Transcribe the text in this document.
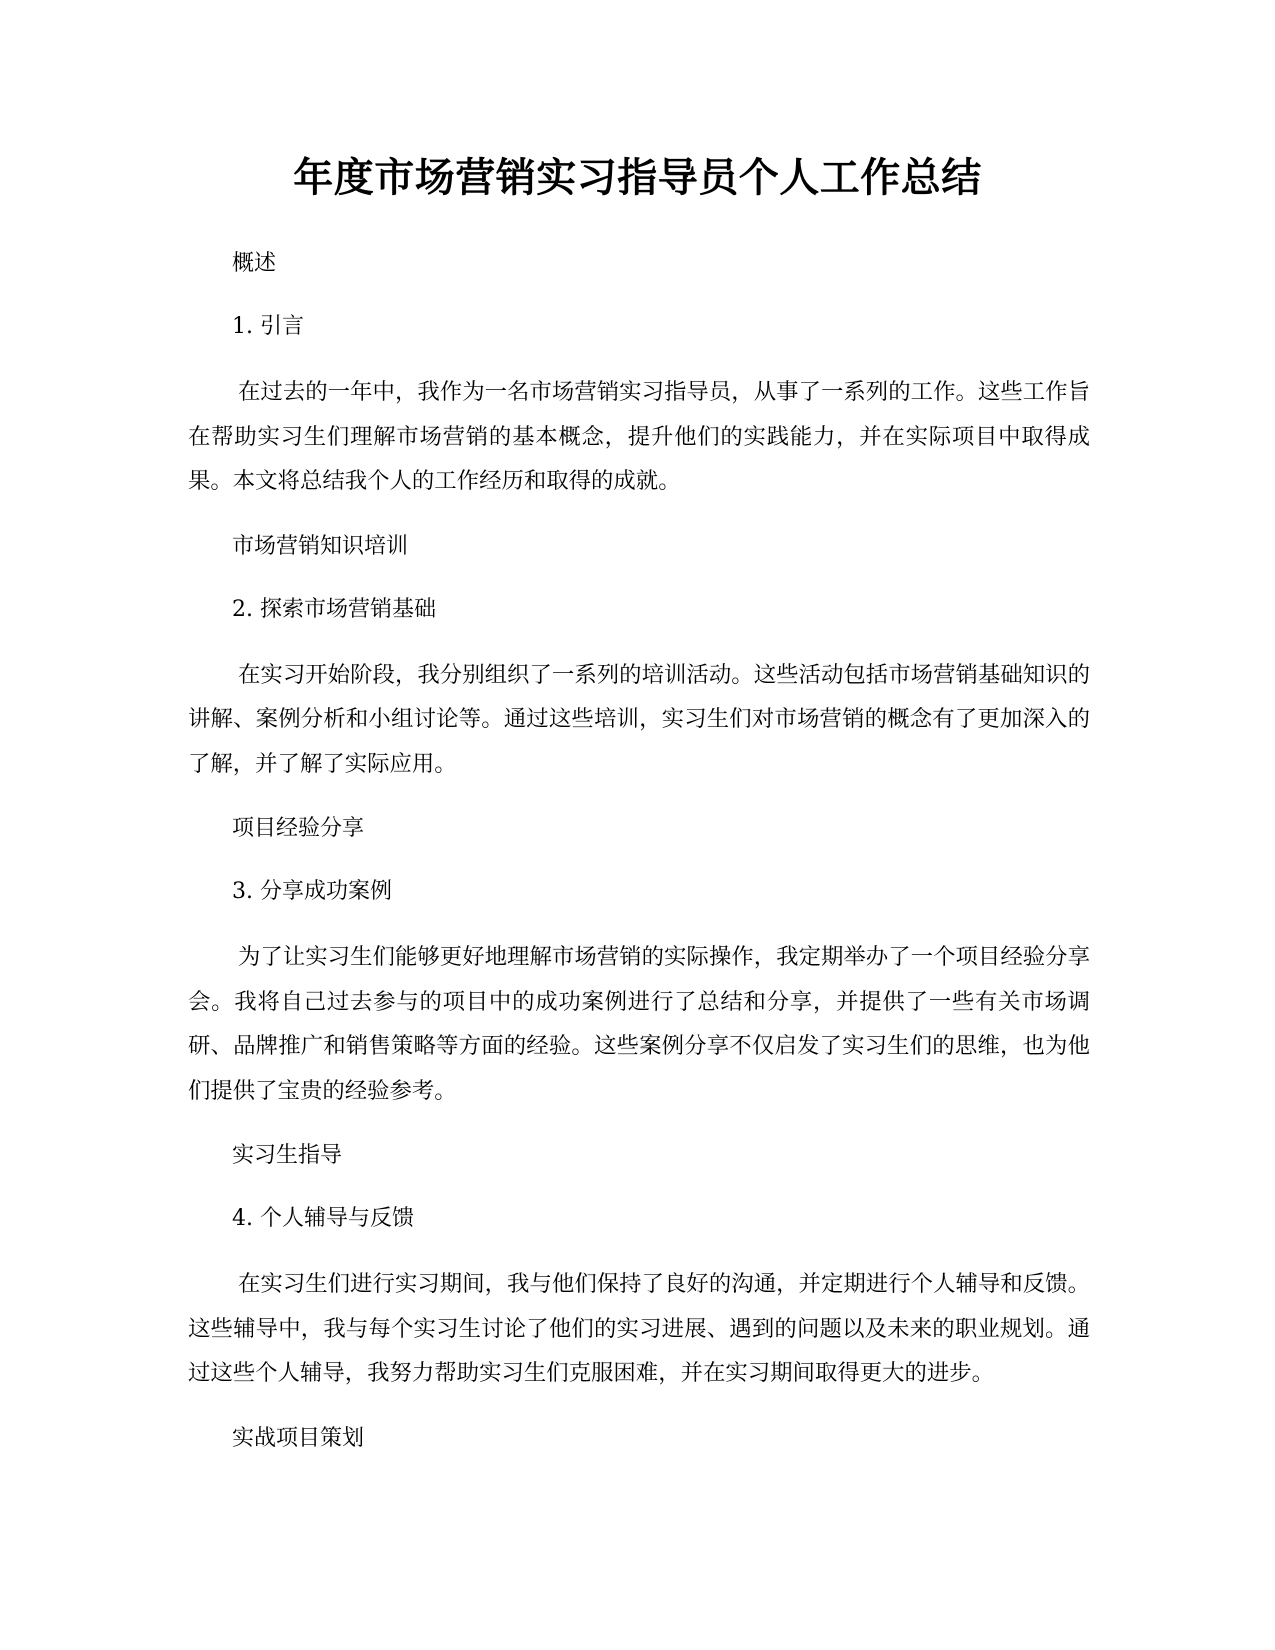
年度市场营销实习指导员个人工作总结
概述
1. 引言
在过去的一年中，我作为一名市场营销实习指导员，从事了一系列的工作。这些工作旨在帮助实习生们理解市场营销的基本概念，提升他们的实践能力，并在实际项目中取得成果。本文将总结我个人的工作经历和取得的成就。
市场营销知识培训
2. 探索市场营销基础
在实习开始阶段，我分别组织了一系列的培训活动。这些活动包括市场营销基础知识的讲解、案例分析和小组讨论等。通过这些培训，实习生们对市场营销的概念有了更加深入的了解，并了解了实际应用。
项目经验分享
3. 分享成功案例
为了让实习生们能够更好地理解市场营销的实际操作，我定期举办了一个项目经验分享会。我将自己过去参与的项目中的成功案例进行了总结和分享，并提供了一些有关市场调研、品牌推广和销售策略等方面的经验。这些案例分享不仅启发了实习生们的思维，也为他们提供了宝贵的经验参考。
实习生指导
4. 个人辅导与反馈
在实习生们进行实习期间，我与他们保持了良好的沟通，并定期进行个人辅导和反馈。这些辅导中，我与每个实习生讨论了他们的实习进展、遇到的问题以及未来的职业规划。通过这些个人辅导，我努力帮助实习生们克服困难，并在实习期间取得更大的进步。
实战项目策划
